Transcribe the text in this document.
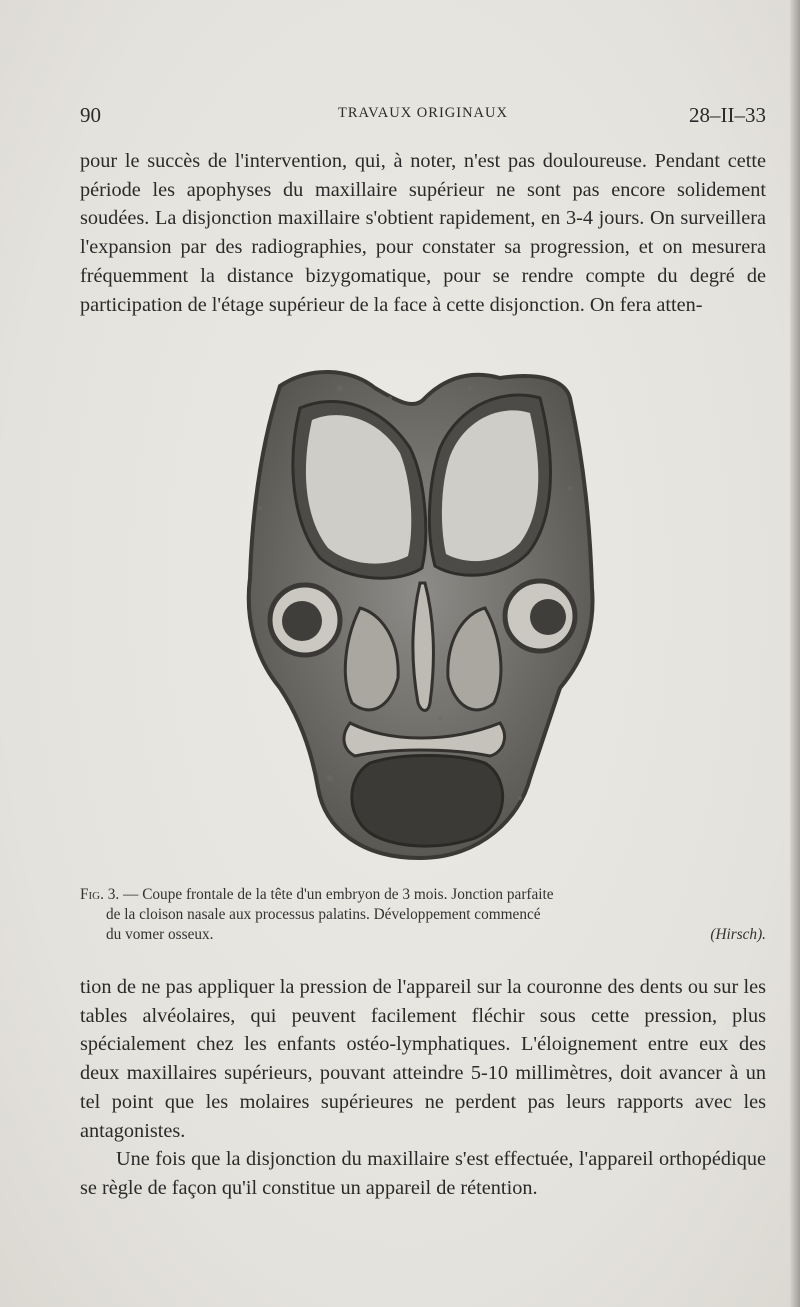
90	TRAVAUX ORIGINAUX	28–II–33

pour le succès de l'intervention, qui, à noter, n'est pas douloureuse. Pendant cette période les apophyses du maxillaire supérieur ne sont pas encore solidement soudées. La disjonction maxillaire s'obtient rapidement, en 3-4 jours. On surveillera l'expansion par des radiographies, pour constater sa progression, et on mesurera fréquemment la distance bizygomatique, pour se rendre compte du degré de participation de l'étage supérieur de la face à cette disjonction. On fera atten-

Fig. 3. — Coupe frontale de la tête d'un embryon de 3 mois. Jonction parfaite
de la cloison nasale aux processus palatins. Développement commencé
du vomer osseux.	(Hirsch).

tion de ne pas appliquer la pression de l'appareil sur la couronne des dents ou sur les tables alvéolaires, qui peuvent facilement fléchir sous cette pression, plus spécialement chez les enfants ostéo-lymphatiques. L'éloignement entre eux des deux maxillaires supérieurs, pouvant atteindre 5-10 millimètres, doit avancer à un tel point que les molaires supérieures ne perdent pas leurs rapports avec les antagonistes.

Une fois que la disjonction du maxillaire s'est effectuée, l'appareil orthopédique se règle de façon qu'il constitue un appareil de rétention.
